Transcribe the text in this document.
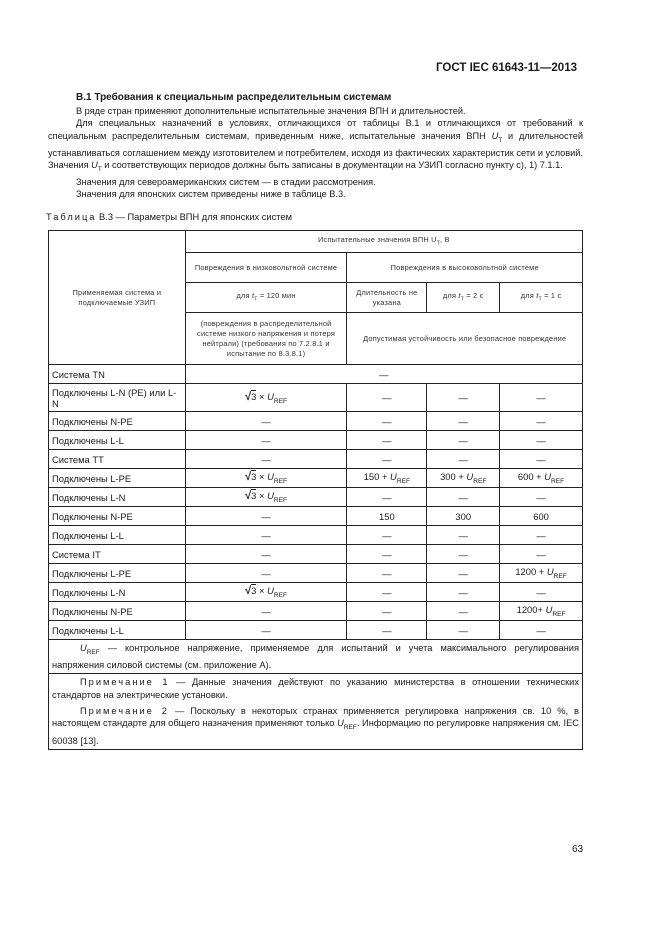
ГОСТ IEC 61643-11—2013
В.1 Требования к специальным распределительным системам

В ряде стран применяют дополнительные испытательные значения ВПН и длительностей.

Для специальных назначений в условиях, отличающихся от таблицы В.1 и отличающихся от требований к специальным распределительным системам, приведенным ниже, испытательные значения ВПН $U_T$ и длительностей устанавливаться соглашением между изготовителем и потребителем, исходя из фактических характеристик сети и условий. Значения $U_T$ и соответствующих периодов должны быть записаны в документации на УЗИП согласно пункту с), 1) 7.1.1.

Значения для североамериканских систем — в стадии рассмотрения.

Значения для японских систем приведены ниже в таблице В.3.

Таблица В.3 — Параметры ВПН для японских систем
Применяемая система и подключаемые УЗИП	Испытательные значения ВПН $U_T$, В			
	Повреждения в низковольтной системе	Повреждения в высоковольтной системе		
	для $t_T = 120$ мин	Длительность не указана	для $t_T = 2$ с	для $t_T = 1$ с
	(повреждения в распределительной системе низкого напряжения и потеря нейтрали) (требования по 7.2.8.1 и испытание по 8.3.8.1)	Допустимая устойчивость или безопасное повреждение		
Система TN	—			
Подключены L-N (PE) или L-N	$√3 \times U_{REF}$	—	—	—
Подключены N-PE	—	—	—	—
Подключены L-L	—	—	—	—
Система TT	—	—	—	—
Подключены L-PE	$√3 \times U_{REF}$	$150 + U_{REF}$	$300 + U_{REF}$	$600 + U_{REF}$
Подключены L-N	$√3 \times U_{REF}$	—	—	—
Подключены N-PE	—	150	300	600
Подключены L-L	—	—	—	—
Система IT	—	—	—	—
Подключены L-PE	—	—	—	$1200 + U_{REF}$
Подключены L-N	$√3 \times U_{REF}$	—	—	—
Подключены N-PE	—	—	—	$1200+ U_{REF}$
Подключены L-L	—	—	—	—
$U_{REF}$ — контрольное напряжение, применяемое для испытаний и учета максимального регулирования напряжения силовой системы (см. приложение А).				

Примечание 1 — Данные значения действуют по указанию министерства в отношении технических стандартов на электрические установки.
Примечание 2 — Поскольку в некоторых странах применяется регулировка напряжения св. 10 %, в настоящем стандарте для общего назначения применяют только $U_{REF}$. Информацию по регулировке напряжения см. IEC 60038 [13].				
63
